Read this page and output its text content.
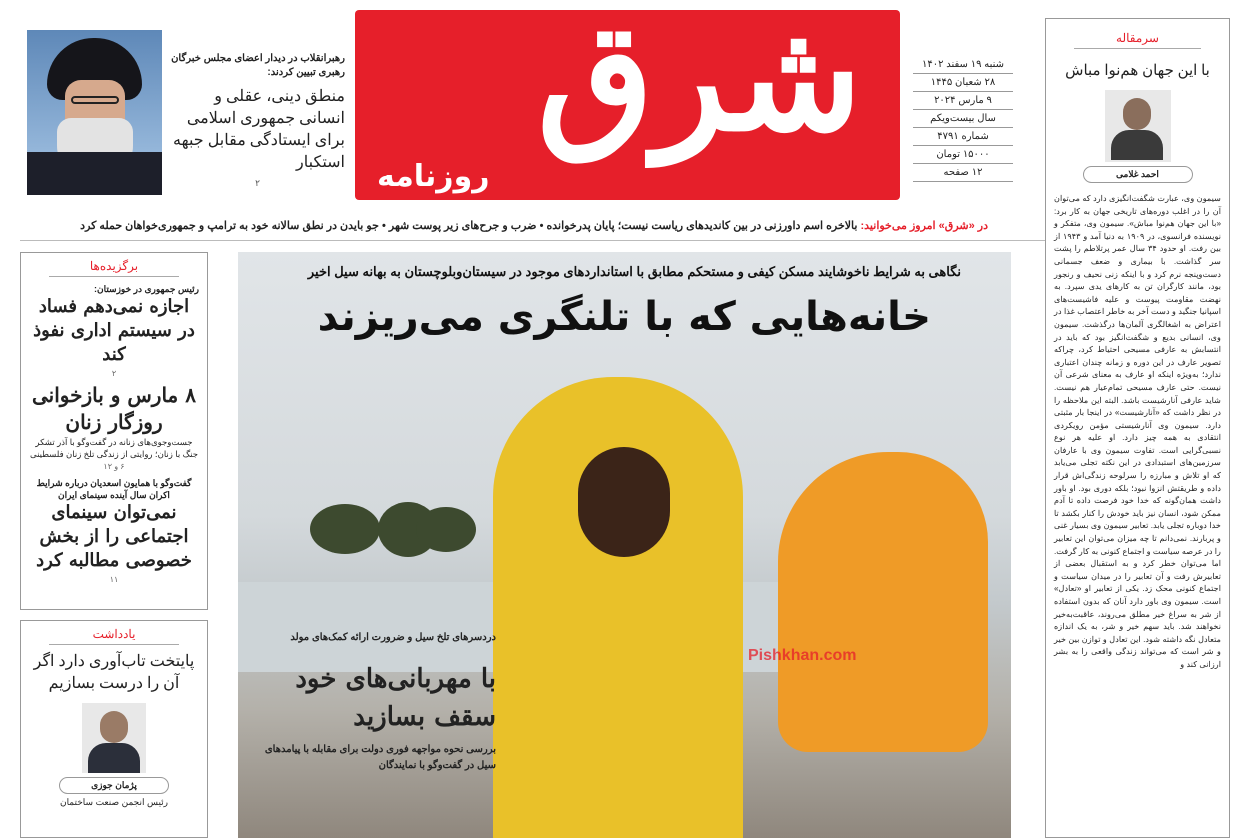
شرق
روزنامه
شنبه ۱۹ سفند ۱۴۰۲
۲۸ شعبان ۱۴۴۵
۹ مارس ۲۰۲۴
سال بیست‌ویکم
شماره ۴۷۹۱
۱۵۰۰۰ تومان
۱۲ صفحه
رهبرانقلاب در دیدار اعضای مجلس خبرگان رهبری تبیین کردند:
منطق دینی، عقلی و انسانی جمهوری اسلامی برای ایستادگی مقابل جبهه استکبار
۲
در «شرق» امروز می‌خوانید: بالاخره اسم داورزنی در بین کاندیدهای ریاست نیست؛ پایان پدرخوانده • ضرب و جرح‌های زیر پوست شهر • جو بایدن در نطق سالانه خود به ترامپ و جمهوری‌خواهان حمله کرد
برگزیده‌ها
رئیس جمهوری در خوزستان:
اجازه نمی‌دهم فساد در سیستم اداری نفوذ کند
۲
۸ مارس و بازخوانی روزگار زنان
جست‌وجوی‌های زنانه در گفت‌وگو با آذر تشکر جنگ با زنان؛ روایتی از زندگی تلخ زنان فلسطینی
۶ و ۱۲
گفت‌وگو با همایون اسعدیان درباره شرایط اکران سال آینده سینمای ایران
نمی‌توان سینمای اجتماعی را از بخش خصوصی مطالبه کرد
۱۱
یادداشت
پایتخت تاب‌آوری دارد اگر آن را درست بسازیم
پژمان جوزی
رئیس انجمن صنعت ساختمان
نگاهی به شرایط ناخوشایند مسکن کیفی و مستحکم مطابق با استانداردهای موجود در سیستان‌وبلوچستان به بهانه سیل اخیر
خانه‌هایی که با تلنگری می‌ریزند
دردسرهای تلخ سیل و ضرورت ارائه کمک‌های مولد
با مهربانی‌های خود سقف بسازید
بررسی نحوه مواجهه فوری دولت برای مقابله با پیامدهای سیل در گفت‌وگو با نمایندگان
Pishkhan.com
سرمقاله
با این جهان هم‌نوا مباش
احمد غلامی
سیمون وی، عبارت شگفت‌انگیزی دارد که می‌توان آن را در اغلب دوره‌های تاریخی جهان به کار برد: «با این جهان هم‌نوا مباش». سیمون وی، متفکر و نویسنده فرانسوی، در ۱۹۰۹ به دنیا آمد و ۱۹۴۳ از بین رفت. او حدود ۳۴ سال عمر پرتلاطم را پشت سر گذاشت. با بیماری و ضعف جسمانی دست‌وپنجه نرم کرد و با اینکه زنی نحیف و رنجور بود، مانند کارگران تن به کارهای یدی سپرد. به نهضت مقاومت پیوست و علیه فاشیست‌های اسپانیا جنگید و دست آخر به خاطر اعتصاب غذا در اعتراض به اشغالگری آلمان‌ها درگذشت. سیمون وی، انسانی بدیع و شگفت‌انگیز بود که باید در انتسابش به عارفی مسیحی احتیاط کرد، چراکه تصویر عارف در این دوره و زمانه چندان اعتباری ندارد؛ به‌ویژه اینکه او عارف به معنای شرعی آن نیست. حتی عارف مسیحی تمام‌عیار هم نیست. شاید عارفی آنارشیست باشد. البته این ملاحظه را در نظر داشت که «آنارشیست» در اینجا بار مثبتی دارد. سیمون وی آنارشیستی مؤمن رویکردی انتقادی به همه چیز دارد. او علیه هر نوع نسبی‌گرایی است. تفاوت سیمون وی با عارفان سرزمین‌های استبدادی در این نکته تجلی می‌یابد که او تلاش و مبارزه را سرلوحه زندگی‌اش قرار داده و طریقتش انزوا نبود؛ بلکه دوری بود. او باور داشت همان‌گونه که خدا خود فرصت داده تا آدم ممکن شود، انسان نیز باید خودش را کنار بکشد تا خدا دوباره تجلی یابد. تعابیر سیمون وی بسیار غنی و پربارند. نمی‌دانم تا چه میزان می‌توان این تعابیر را در عرصه سیاست و اجتماع کنونی به کار گرفت. اما می‌توان خطر کرد و به استقبال بعضی از تعابیرش رفت و آن تعابیر را در میدان سیاست و اجتماع کنونی محک زد. یکی از تعابیر او «تعادل» است. سیمون وی باور دارد آنان که بدون استفاده از شر به سراغ خیر مطلق می‌روند، عاقبت‌به‌خیر نخواهند شد. باید سهم خیر و شر، به یک اندازه متعادل نگه داشته شود. این تعادل و توازن بین خیر و شر است که می‌تواند زندگی واقعی را به بشر ارزانی کند و
